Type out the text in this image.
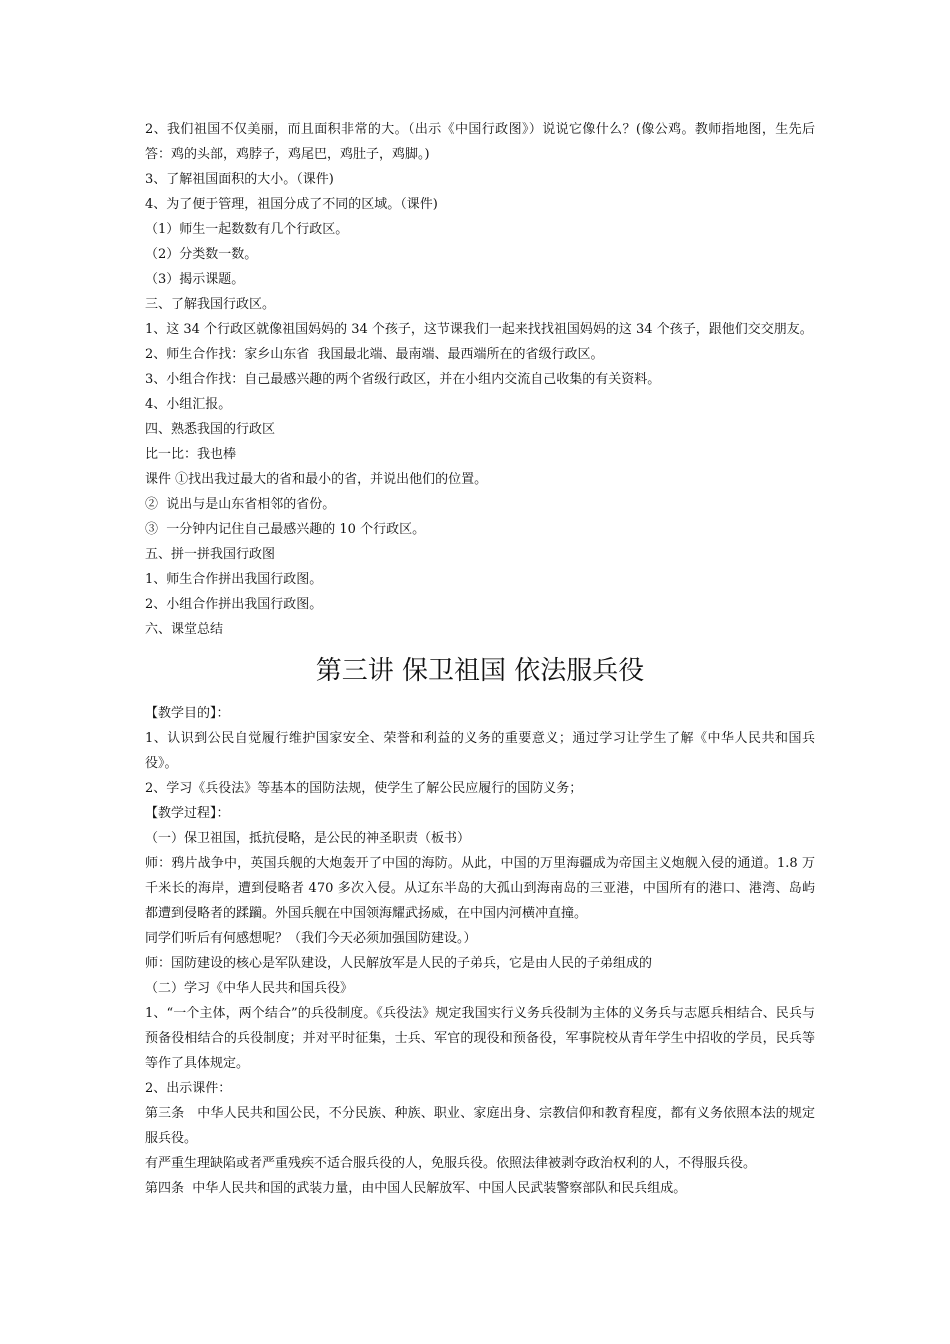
2、我们祖国不仅美丽，而且面积非常的大。（出示《中国行政图》）说说它像什么？(像公鸡。教师指地图，生先后答：鸡的头部，鸡脖子，鸡尾巴，鸡肚子，鸡脚。)

3、了解祖国面积的大小。（课件)

4、为了便于管理，祖国分成了不同的区域。（课件)

（1）师生一起数数有几个行政区。

（2）分类数一数。

（3）揭示课题。

三、了解我国行政区。

1、这 34 个行政区就像祖国妈妈的 34 个孩子，这节课我们一起来找找祖国妈妈的这 34 个孩子，跟他们交交朋友。

2、师生合作找：家乡山东省  我国最北端、最南端、最西端所在的省级行政区。

3、小组合作找：自己最感兴趣的两个省级行政区，并在小组内交流自己收集的有关资料。

4、小组汇报。

四、熟悉我国的行政区

比一比：我也棒

课件 ①找出我过最大的省和最小的省，并说出他们的位置。

②  说出与是山东省相邻的省份。

③  一分钟内记住自己最感兴趣的 10 个行政区。

五、拼一拼我国行政图

1、师生合作拼出我国行政图。

2、小组合作拼出我国行政图。

六、课堂总结

第三讲 保卫祖国 依法服兵役

【教学目的】：

1、认识到公民自觉履行维护国家安全、荣誉和利益的义务的重要意义；通过学习让学生了解《中华人民共和国兵役》。

2、学习《兵役法》等基本的国防法规，使学生了解公民应履行的国防义务；

【教学过程】：

（一）保卫祖国，抵抗侵略，是公民的神圣职责（板书）

师：鸦片战争中，英国兵舰的大炮轰开了中国的海防。从此，中国的万里海疆成为帝国主义炮舰入侵的通道。1.8 万千米长的海岸，遭到侵略者 470 多次入侵。从辽东半岛的大孤山到海南岛的三亚港，中国所有的港口、港湾、岛屿都遭到侵略者的蹂躏。外国兵舰在中国领海耀武扬威，在中国内河横冲直撞。

同学们听后有何感想呢？（我们今天必须加强国防建设。）

师：国防建设的核心是军队建设，人民解放军是人民的子弟兵，它是由人民的子弟组成的

（二）学习《中华人民共和国兵役》

1、“一个主体，两个结合”的兵役制度。《兵役法》规定我国实行义务兵役制为主体的义务兵与志愿兵相结合、民兵与预备役相结合的兵役制度；并对平时征集，士兵、军官的现役和预备役，军事院校从青年学生中招收的学员，民兵等等作了具体规定。

2、出示课件：

第三条   中华人民共和国公民，不分民族、种族、职业、家庭出身、宗教信仰和教育程度，都有义务依照本法的规定服兵役。

有严重生理缺陷或者严重残疾不适合服兵役的人，免服兵役。依照法律被剥夺政治权利的人，不得服兵役。

第四条  中华人民共和国的武装力量，由中国人民解放军、中国人民武装警察部队和民兵组成。
